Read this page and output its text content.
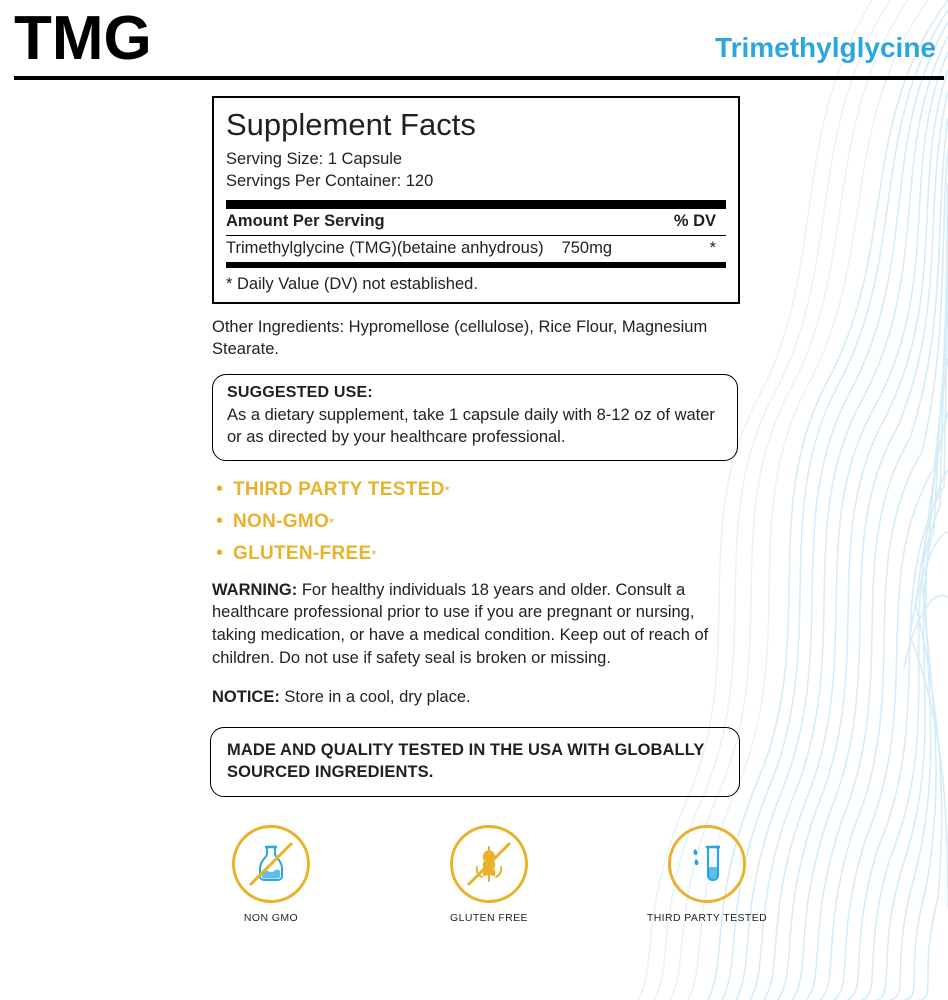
TMG	Trimethylglycine
Supplement Facts
Serving Size: 1 Capsule
Servings Per Container: 120
Amount Per Serving	% DV
Trimethylglycine (TMG)(betaine anhydrous) 750mg	*
* Daily Value (DV) not established.
Other Ingredients: Hypromellose (cellulose), Rice Flour, Magnesium Stearate.
SUGGESTED USE:
As a dietary supplement, take 1 capsule daily with 8-12 oz of water or as directed by your healthcare professional.
• THIRD PARTY TESTED *
• NON-GMO *
• GLUTEN-FREE *
WARNING: For healthy individuals 18 years and older. Consult a healthcare professional prior to use if you are pregnant or nursing, taking medication, or have a medical condition. Keep out of reach of children. Do not use if safety seal is broken or missing.
NOTICE: Store in a cool, dry place.
MADE AND QUALITY TESTED IN THE USA WITH GLOBALLY SOURCED INGREDIENTS.
NON GMO	GLUTEN FREE	THIRD PARTY TESTED
